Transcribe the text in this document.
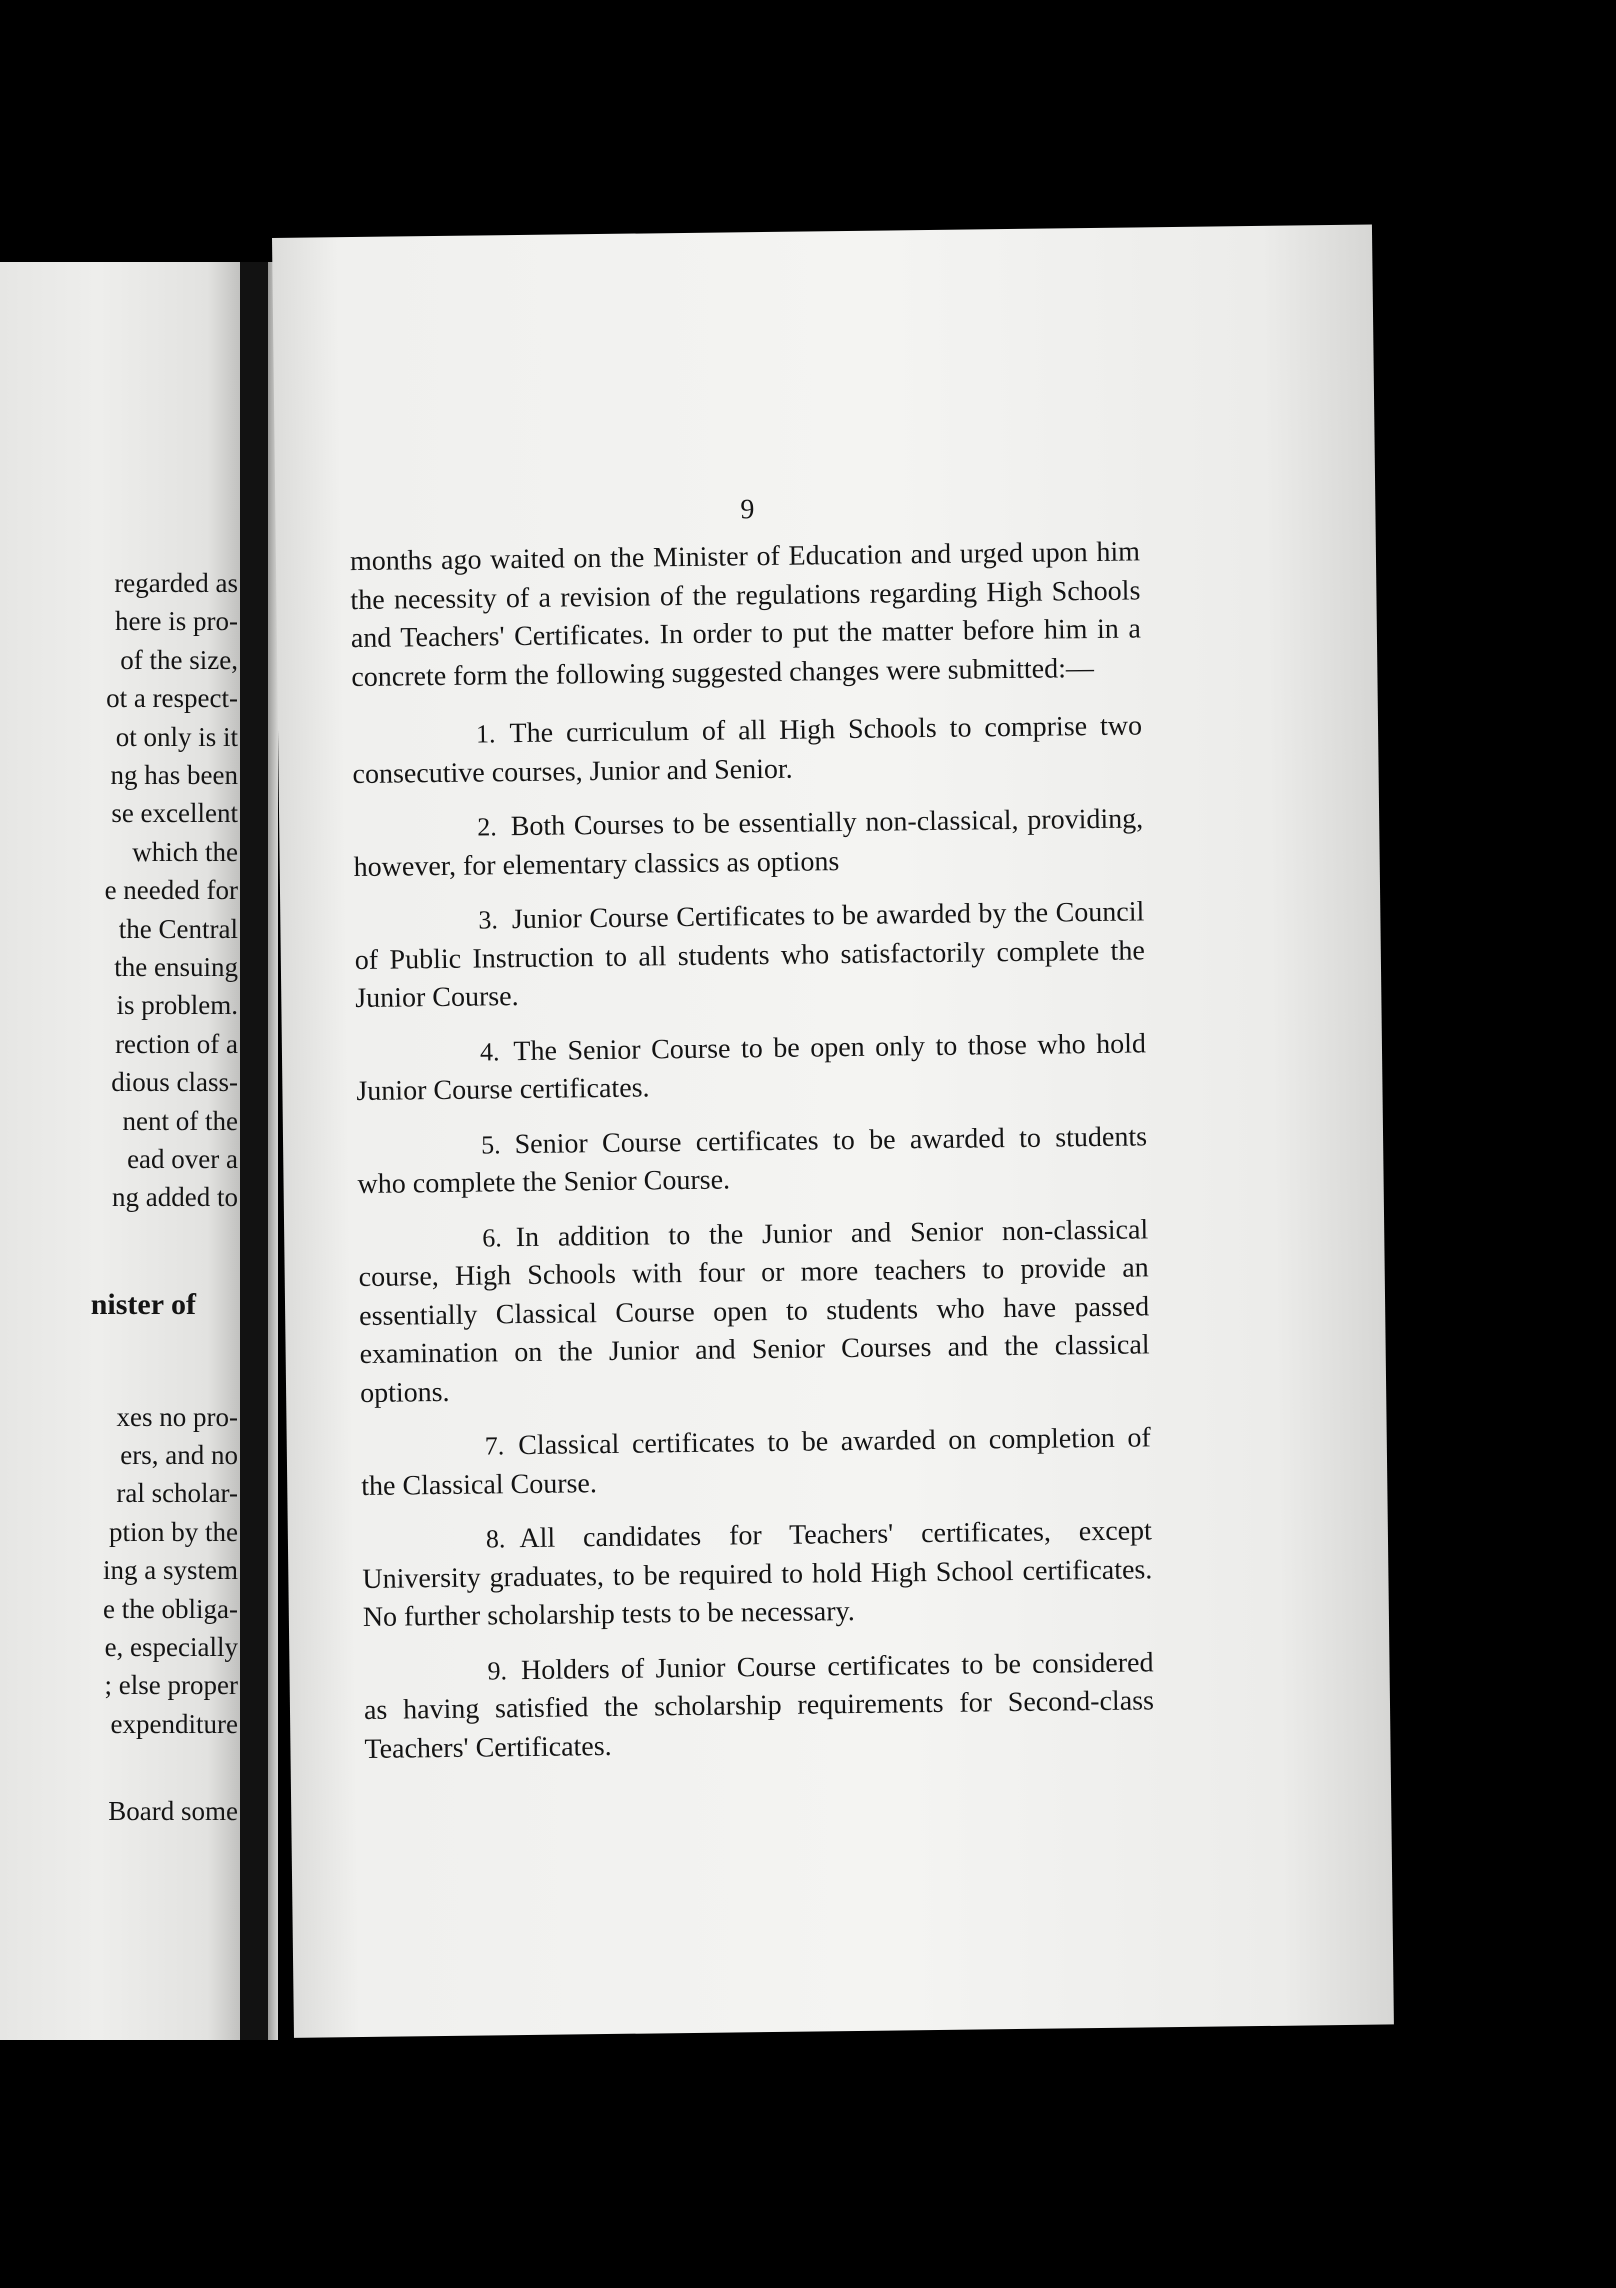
regarded as
here is pro-
of the size,
ot a respect-
ot only is it
ng has been
se excellent
which the
e needed for
the Central
the ensuing
is problem.
rection of a
dious class-
nent of the
ead over a
ng added to
nister of
xes no pro-
ers, and no
ral scholar-
ption by the
ing a system
e the obliga-
e, especially
; else proper
expenditure
Board some
9

months ago waited on the Minister of Education and urged upon him the necessity of a revision of the regulations regarding High Schools and Teachers' Certificates. In order to put the matter before him in a concrete form the following suggested changes were submitted:—

1. The curriculum of all High Schools to comprise two consecutive courses, Junior and Senior.

2. Both Courses to be essentially non-classical, providing, however, for elementary classics as options

3. Junior Course Certificates to be awarded by the Council of Public Instruction to all students who satisfactorily complete the Junior Course.

4. The Senior Course to be open only to those who hold Junior Course certificates.

5. Senior Course certificates to be awarded to students who complete the Senior Course.

6. In addition to the Junior and Senior non-classical course, High Schools with four or more teachers to provide an essentially Classical Course open to students who have passed examination on the Junior and Senior Courses and the classical options.

7. Classical certificates to be awarded on completion of the Classical Course.

8. All candidates for Teachers' certificates, except University graduates, to be required to hold High School certificates. No further scholarship tests to be necessary.

9. Holders of Junior Course certificates to be considered as having satisfied the scholarship requirements for Second-class Teachers' Certificates.
